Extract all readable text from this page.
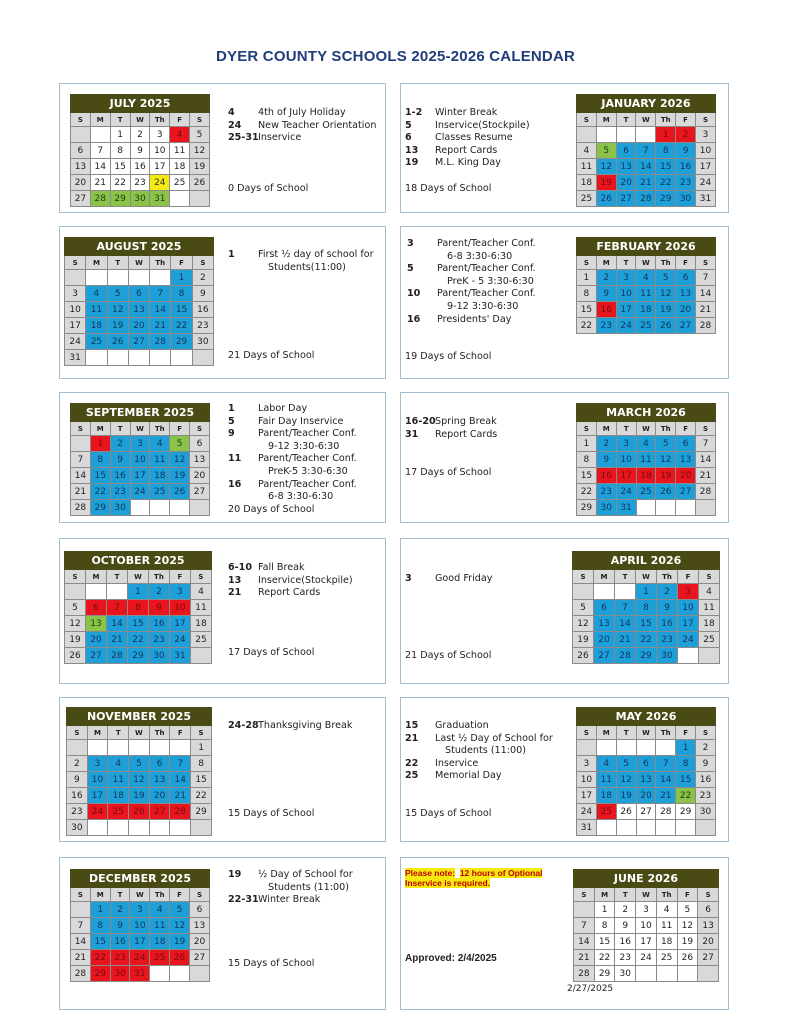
DYER COUNTY SCHOOLS 2025-2026 CALENDAR
JULY 2025						
S	M	T	W	Th	F	S
		1	2	3	4	5
6	7	8	9	10	11	12
13	14	15	16	17	18	19
20	21	22	23	24	25	26
27	28	29	30	31		
JANUARY 2026						
S	M	T	W	Th	F	S
				1	2	3
4	5	6	7	8	9	10
11	12	13	14	15	16	17
18	19	20	21	22	23	24
25	26	27	28	29	30	31
AUGUST 2025						
S	M	T	W	Th	F	S
					1	2
3	4	5	6	7	8	9
10	11	12	13	14	15	16
17	18	19	20	21	22	23
24	25	26	27	28	29	30
31						
FEBRUARY 2026						
S	M	T	W	Th	F	S
1	2	3	4	5	6	7
8	9	10	11	12	13	14
15	16	17	18	19	20	21
22	23	24	25	26	27	28
SEPTEMBER 2025						
S	M	T	W	Th	F	S
	1	2	3	4	5	6
7	8	9	10	11	12	13
14	15	16	17	18	19	20
21	22	23	24	25	26	27
28	29	30				
MARCH 2026						
S	M	T	W	Th	F	S
1	2	3	4	5	6	7
8	9	10	11	12	13	14
15	16	17	18	19	20	21
22	23	24	25	26	27	28
29	30	31				
OCTOBER 2025						
S	M	T	W	Th	F	S
			1	2	3	4
5	6	7	8	9	10	11
12	13	14	15	16	17	18
19	20	21	22	23	24	25
26	27	28	29	30	31	
APRIL 2026						
S	M	T	W	Th	F	S
			1	2	3	4
5	6	7	8	9	10	11
12	13	14	15	16	17	18
19	20	21	22	23	24	25
26	27	28	29	30		
NOVEMBER 2025						
S	M	T	W	Th	F	S
						1
2	3	4	5	6	7	8
9	10	11	12	13	14	15
16	17	18	19	20	21	22
23	24	25	26	27	28	29
30						
MAY 2026						
S	M	T	W	Th	F	S
					1	2
3	4	5	6	7	8	9
10	11	12	13	14	15	16
17	18	19	20	21	22	23
24	25	26	27	28	29	30
31						
DECEMBER 2025						
S	M	T	W	Th	F	S
	1	2	3	4	5	6
7	8	9	10	11	12	13
14	15	16	17	18	19	20
21	22	23	24	25	26	27
28	29	30	31			
JUNE 2026						
S	M	T	W	Th	F	S
	1	2	3	4	5	6
7	8	9	10	11	12	13
14	15	16	17	18	19	20
21	22	23	24	25	26	27
28	29	30				
4 4th of July Holiday
24 New Teacher Orientation
25-31Inservice
0 Days of School
1-2 Winter Break
5 Inservice(Stockpile)
6 Classes Resume
13 Report Cards
19 M.L. King Day
18 Days of School
1 First ½ day of school for
Students(11:00)
21 Days of School
3 Parent/Teacher Conf.
6-8 3:30-6:30
5 Parent/Teacher Conf.
PreK - 5 3:30-6:30
10 Parent/Teacher Conf.
9-12 3:30-6:30
16 Presidents' Day
19 Days of School
1 Labor Day
5 Fair Day Inservice
9 Parent/Teacher Conf.
9-12 3:30-6:30
11 Parent/Teacher Conf.
PreK-5 3:30-6:30
16 Parent/Teacher Conf.
6-8 3:30-6:30
20 Days of School
16-20Spring Break
31 Report Cards
17 Days of School
6-10 Fall Break
13 Inservice(Stockpile)
21 Report Cards
17 Days of School
3 Good Friday
21 Days of School
24-28Thanksgiving Break
15 Days of School
15 Graduation
21 Last ½ Day of School for
Students (11:00)
22 Inservice
25 Memorial Day
15 Days of School
19 ½ Day of School for
Students (11:00)
22-31Winter Break
15 Days of School
Please note: 12 hours of Optional
Inservice is required.
Approved: 2/4/2025
2/27/2025
